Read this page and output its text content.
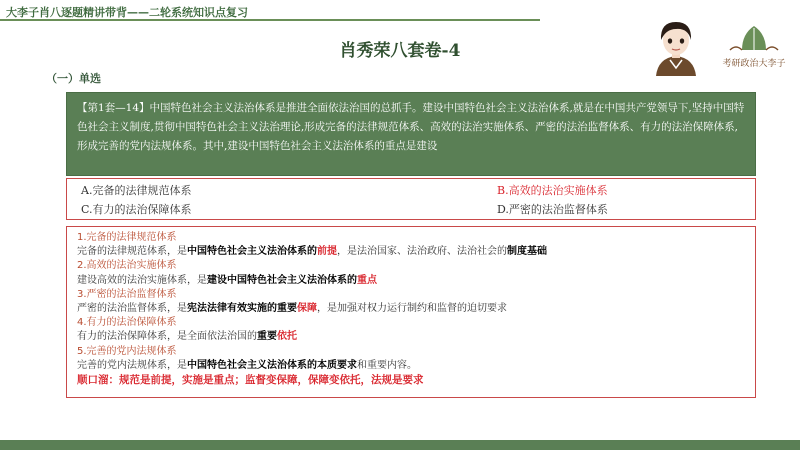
大李子肖八逐题精讲带背——二轮系统知识点复习
肖秀荣八套卷-4
（一）单选
考研政治大李子
【第1套—14】中国特色社会主义法治体系是推进全面依法治国的总抓手。建设中国特色社会主义法治体系,就是在中国共产党领导下,坚持中国特色社会主义制度,贯彻中国特色社会主义法治理论,形成完备的法律规范体系、高效的法治实施体系、严密的法治监督体系、有力的法治保障体系,形成完善的党内法规体系。其中,建设中国特色社会主义法治体系的重点是建设
A.完备的法律规范体系	B.高效的法治实施体系
C.有力的法治保障体系	D.严密的法治监督体系
1.完备的法律规范体系
完备的法律规范体系，是中国特色社会主义法治体系的前提，是法治国家、法治政府、法治社会的制度基础
2.高效的法治实施体系
建设高效的法治实施体系，是建设中国特色社会主义法治体系的重点
3.严密的法治监督体系
严密的法治监督体系，是宪法法律有效实施的重要保障，是加强对权力运行制约和监督的迫切要求
4.有力的法治保障体系
有力的法治保障体系，是全面依法治国的重要依托
5.完善的党内法规体系
完善的党内法规体系，是中国特色社会主义法治体系的本质要求和重要内容。
顺口溜：规范是前提，实施是重点；监督变保障，保障变依托，法规是要求
